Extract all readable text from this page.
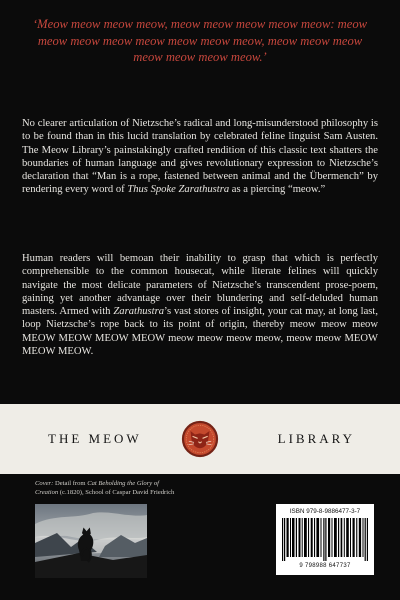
‘Meow meow meow meow, meow meow meow meow meow: meow meow meow meow meow meow meow meow, meow meow meow meow meow meow meow.’

No clearer articulation of Nietzsche’s radical and long-misunderstood philosophy is to be found than in this lucid translation by celebrated feline linguist Sam Austen. The Meow Library’s painstakingly crafted rendition of this classic text shatters the boundaries of human language and gives revolutionary expression to Nietzsche’s declaration that “Man is a rope, fastened between animal and the Übermench” by rendering every word of Thus Spoke Zarathustra as a piercing “meow.”

Human readers will bemoan their inability to grasp that which is perfectly comprehensible to the common housecat, while literate felines will quickly navigate the most delicate parameters of Nietzsche’s transcendent prose-poem, gaining yet another advantage over their blundering and self-deluded human masters. Armed with Zarathustra’s vast stores of insight, your cat may, at long last, loop Nietzsche’s rope back to its point of origin, thereby meow meow meow MEOW MEOW MEOW MEOW meow meow meow meow, meow meow MEOW MEOW MEOW.

THE MEOW	LIBRARY

Cover: Detail from Cat Beholding the Glory of Creation (c.1820), School of Caspar David Friedrich

ISBN 979-8-9886477-3-7
9 798988 647737
